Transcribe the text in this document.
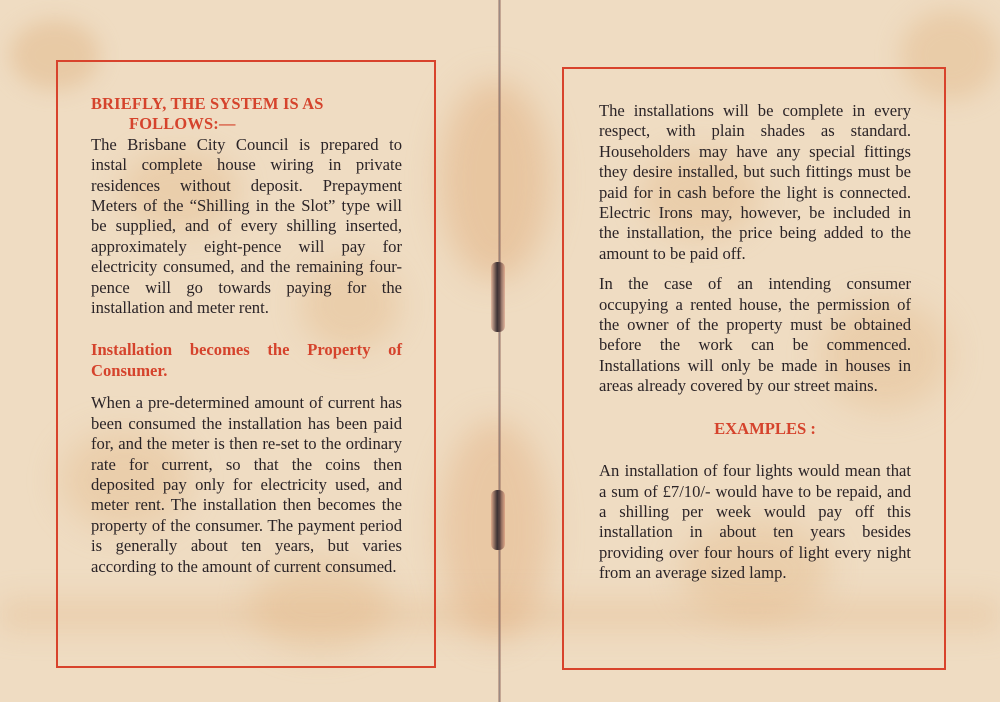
BRIEFLY, THE SYSTEM IS AS
FOLLOWS:—

The Brisbane City Council is prepared to instal complete house wiring in private residences without deposit. Prepayment Meters of the “Shilling in the Slot” type will be supplied, and of every shilling inserted, approximately eight-pence will pay for electricity consumed, and the remaining four-pence will go towards paying for the installation and meter rent.

Installation becomes the Property of Consumer.

When a pre-determined amount of current has been consumed the installation has been paid for, and the meter is then re-set to the ordinary rate for current, so that the coins then deposited pay only for electricity used, and meter rent. The installation then becomes the property of the consumer. The payment period is generally about ten years, but varies according to the amount of current consumed.

The installations will be complete in every respect, with plain shades as standard. Householders may have any special fittings they desire installed, but such fittings must be paid for in cash before the light is connected. Electric Irons may, however, be included in the installation, the price being added to the amount to be paid off.

In the case of an intending consumer occupying a rented house, the permission of the owner of the property must be obtained before the work can be commenced. Installations will only be made in houses in areas already covered by our street mains.

EXAMPLES :

An installation of four lights would mean that a sum of £7/10/- would have to be repaid, and a shilling per week would pay off this installation in about ten years besides providing over four hours of light every night from an average sized lamp.
